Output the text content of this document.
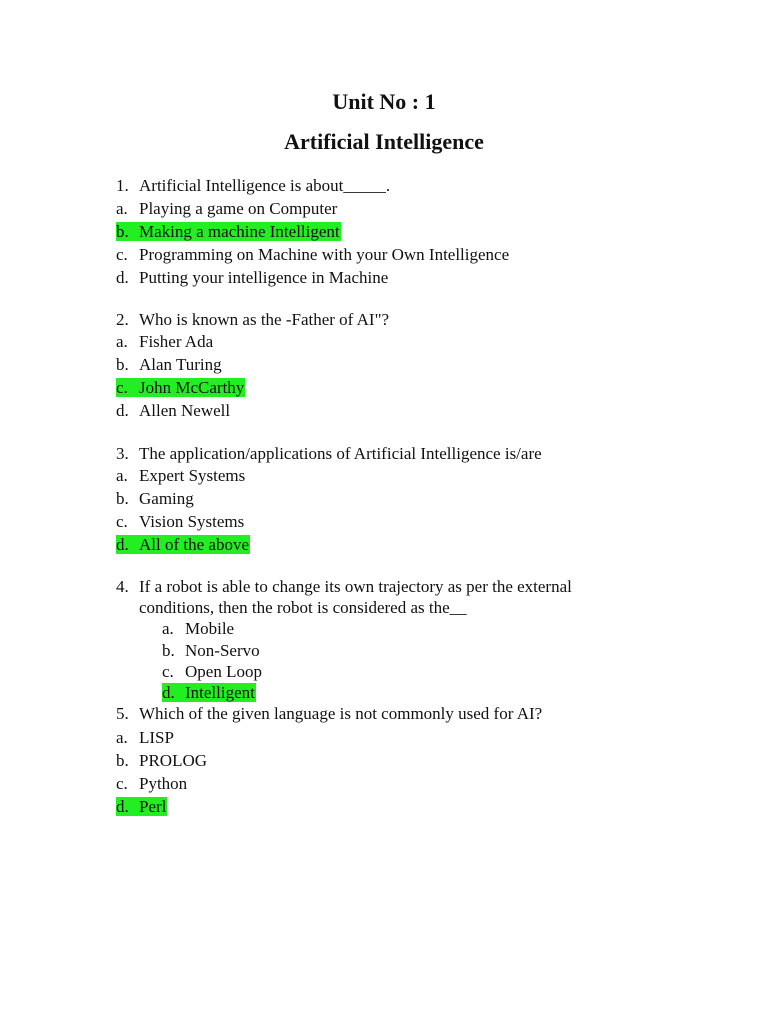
Unit No : 1
Artificial Intelligence
1. Artificial Intelligence is about_____.
a. Playing a game on Computer
b. Making a machine Intelligent
c. Programming on Machine with your Own Intelligence
d. Putting your intelligence in Machine
2. Who is known as the -Father of AI"?
a. Fisher Ada
b. Alan Turing
c. John McCarthy
d. Allen Newell
3. The application/applications of Artificial Intelligence is/are
a. Expert Systems
b. Gaming
c. Vision Systems
d. All of the above
4. If a robot is able to change its own trajectory as per the external
conditions, then the robot is considered as the__
a. Mobile
b. Non-Servo
c. Open Loop
d. Intelligent
5. Which of the given language is not commonly used for AI?
a. LISP
b. PROLOG
c. Python
d. Perl
